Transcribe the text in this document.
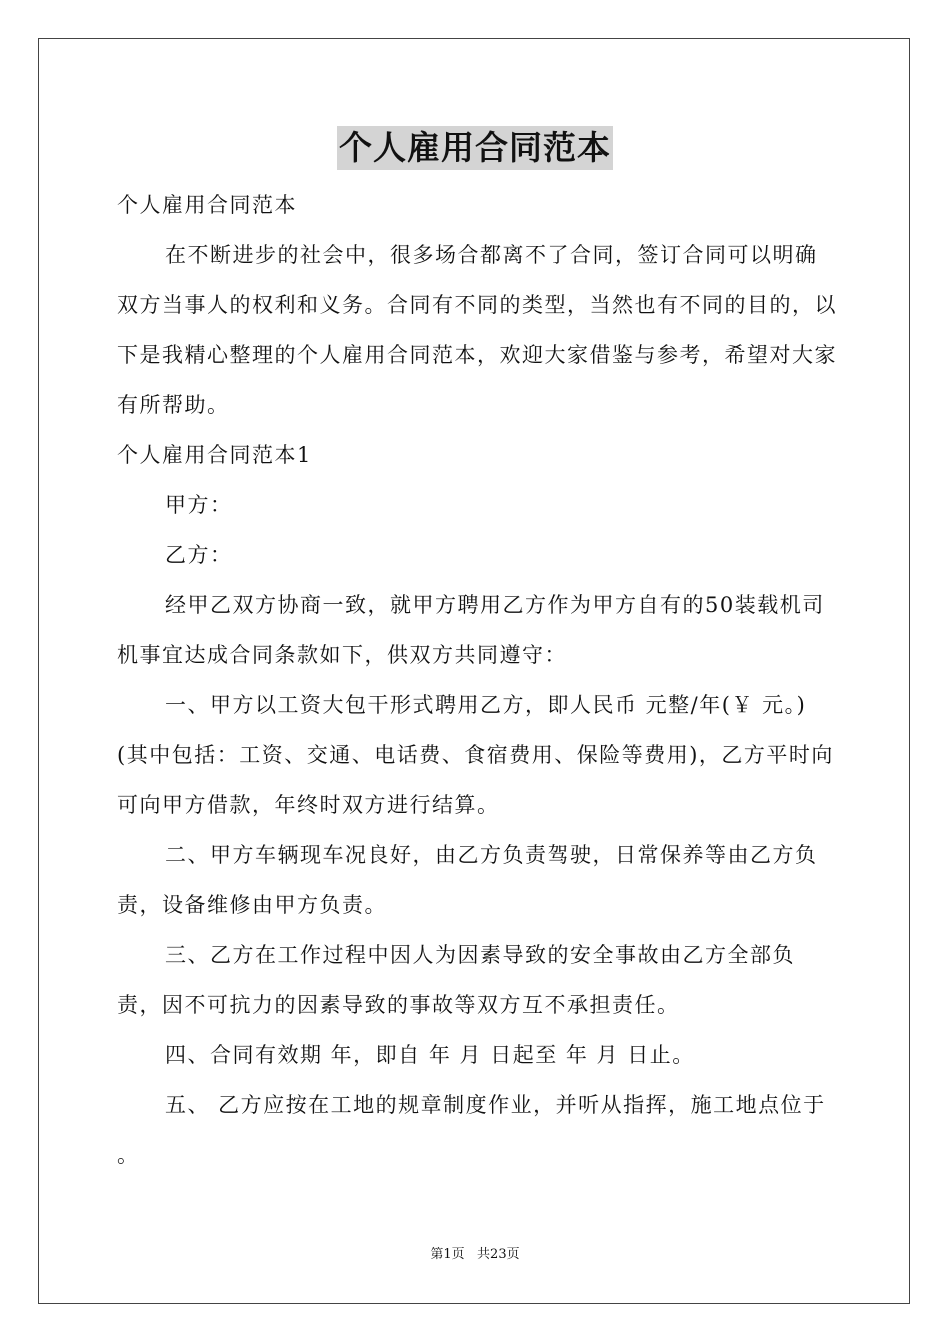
个人雇用合同范本

个人雇用合同范本

在不断进步的社会中，很多场合都离不了合同，签订合同可以明确双方当事人的权利和义务。合同有不同的类型，当然也有不同的目的，以下是我精心整理的个人雇用合同范本，欢迎大家借鉴与参考，希望对大家有所帮助。

个人雇用合同范本1

甲方：

乙方：

经甲乙双方协商一致，就甲方聘用乙方作为甲方自有的50装载机司机事宜达成合同条款如下，供双方共同遵守：

一、甲方以工资大包干形式聘用乙方，即人民币 元整/年(￥ 元。)(其中包括：工资、交通、电话费、食宿费用、保险等费用)，乙方平时向可向甲方借款，年终时双方进行结算。

二、甲方车辆现车况良好，由乙方负责驾驶，日常保养等由乙方负责，设备维修由甲方负责。

三、乙方在工作过程中因人为因素导致的安全事故由乙方全部负责，因不可抗力的因素导致的事故等双方互不承担责任。

四、合同有效期 年，即自 年 月 日起至 年 月 日止。

五、 乙方应按在工地的规章制度作业，并听从指挥，施工地点位于 。

第1页   共23页
